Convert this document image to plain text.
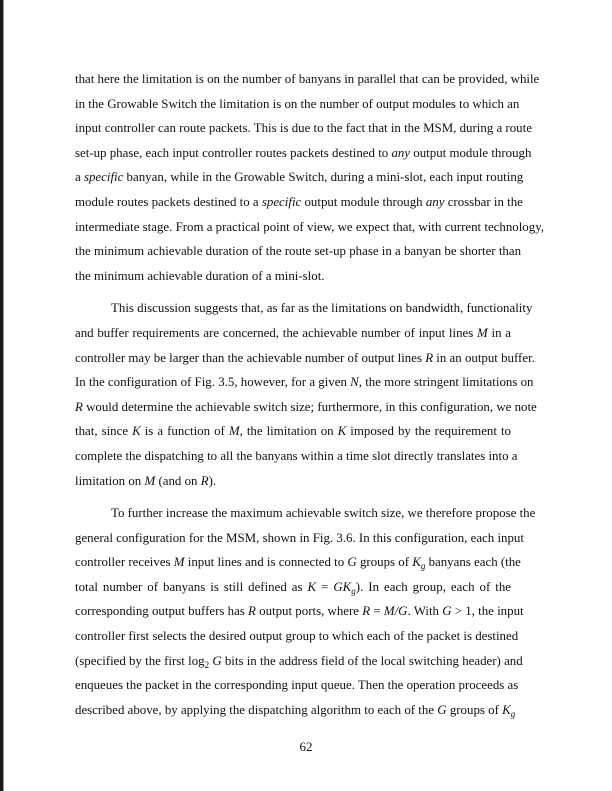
that here the limitation is on the number of banyans in parallel that can be provided, while
in the Growable Switch the limitation is on the number of output modules to which an
input controller can route packets. This is due to the fact that in the MSM, during a route
set-up phase, each input controller routes packets destined to any output module through
a specific banyan, while in the Growable Switch, during a mini-slot, each input routing
module routes packets destined to a specific output module through any crossbar in the
intermediate stage. From a practical point of view, we expect that, with current technology,
the minimum achievable duration of the route set-up phase in a banyan be shorter than
the minimum achievable duration of a mini-slot.
This discussion suggests that, as far as the limitations on bandwidth, functionality
and buffer requirements are concerned, the achievable number of input lines M in a
controller may be larger than the achievable number of output lines R in an output buffer.
In the configuration of Fig. 3.5, however, for a given N, the more stringent limitations on
R would determine the achievable switch size; furthermore, in this configuration, we note
that, since K is a function of M, the limitation on K imposed by the requirement to
complete the dispatching to all the banyans within a time slot directly translates into a
limitation on M (and on R).
To further increase the maximum achievable switch size, we therefore propose the
general configuration for the MSM, shown in Fig. 3.6. In this configuration, each input
controller receives M input lines and is connected to G groups of $K_g$ banyans each (the
total number of banyans is still defined as $K = GK_g$). In each group, each of the
corresponding output buffers has R output ports, where R = M/G. With G > 1, the input
controller first selects the desired output group to which each of the packet is destined
(specified by the first $\log_2 G$ bits in the address field of the local switching header) and
enqueues the packet in the corresponding input queue. Then the operation proceeds as
described above, by applying the dispatching algorithm to each of the G groups of $K_g$
62
